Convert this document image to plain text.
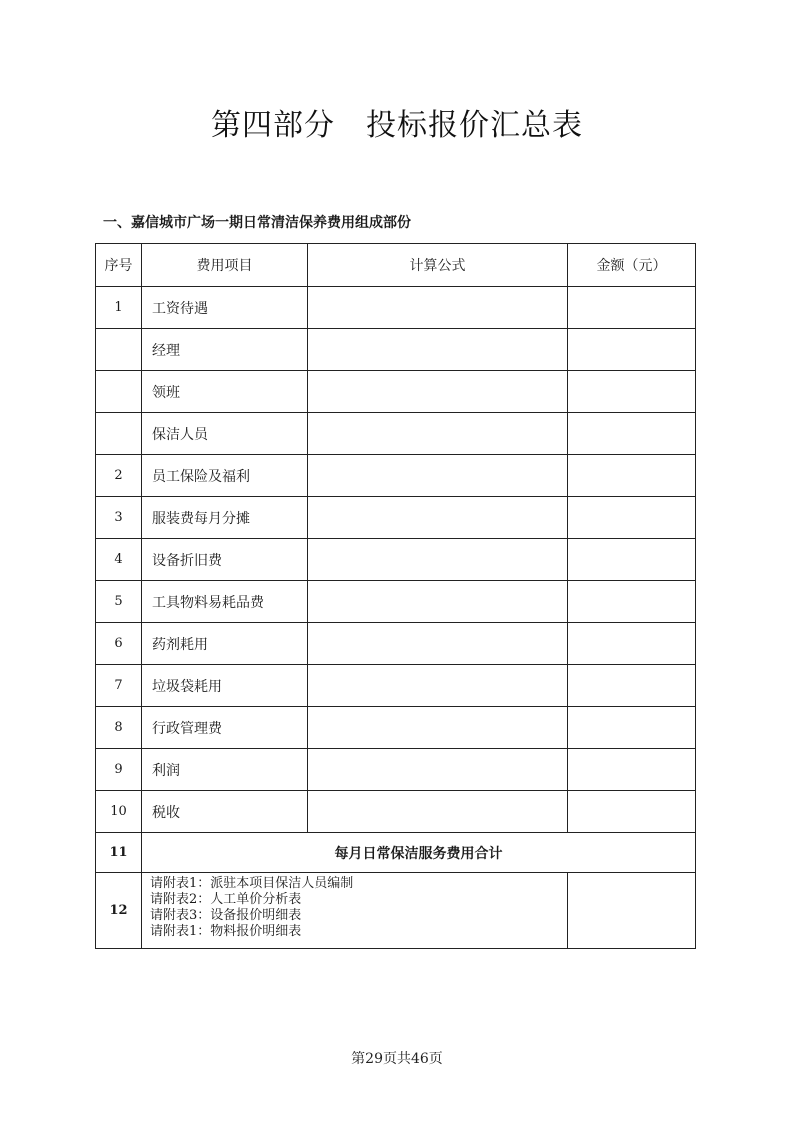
第四部分　投标报价汇总表
一、嘉信城市广场一期日常清洁保养费用组成部份
序号	费用项目	计算公式	金额（元）
1	工资待遇		
	经理		
	领班		
	保洁人员		
2	员工保险及福利		
3	服装费每月分摊		
4	设备折旧费		
5	工具物料易耗品费		
6	药剂耗用		
7	垃圾袋耗用		
8	行政管理费		
9	利润		
10	税收		
11	每月日常保洁服务费用合计		
12	请附表1：派驻本项目保洁人员编制
请附表2：人工单价分析表
请附表3：设备报价明细表
请附表1：物料报价明细表		

第29页共46页
